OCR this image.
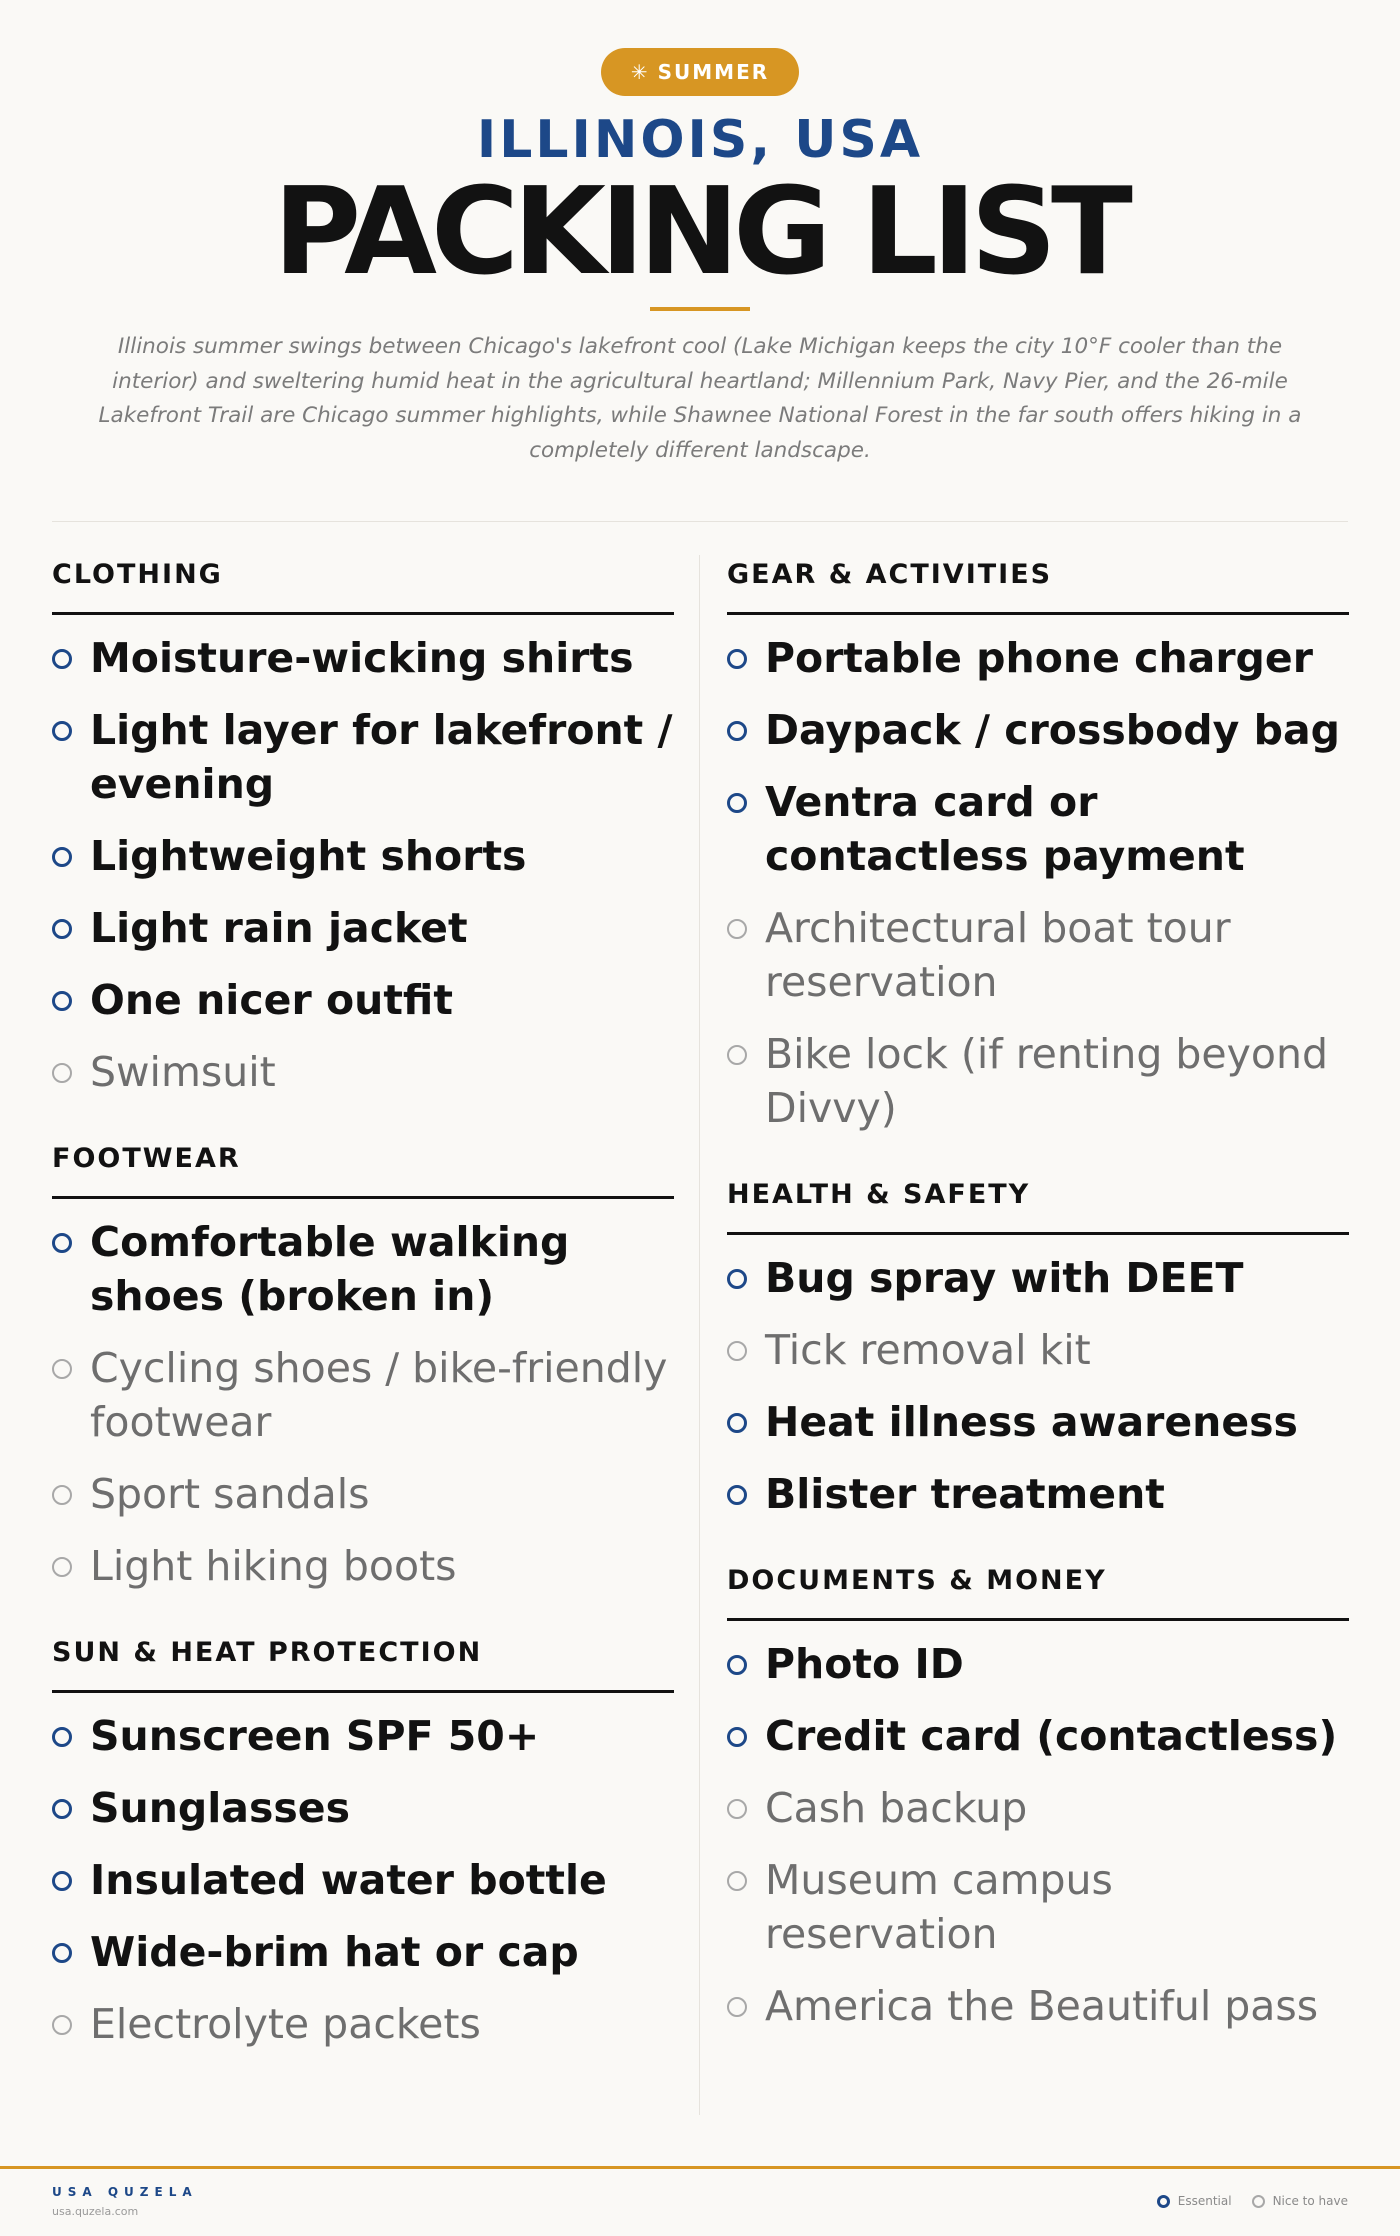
✳ SUMMER
ILLINOIS, USA
PACKING LIST
Illinois summer swings between Chicago's lakefront cool (Lake Michigan keeps the city 10°F cooler than the interior) and sweltering humid heat in the agricultural heartland; Millennium Park, Navy Pier, and the 26-mile Lakefront Trail are Chicago summer highlights, while Shawnee National Forest in the far south offers hiking in a completely different landscape.
CLOTHING
Moisture-wicking shirts
Light layer for lakefront / evening
Lightweight shorts
Light rain jacket
One nicer outfit
Swimsuit
FOOTWEAR
Comfortable walking shoes (broken in)
Cycling shoes / bike-friendly footwear
Sport sandals
Light hiking boots
SUN & HEAT PROTECTION
Sunscreen SPF 50+
Sunglasses
Insulated water bottle
Wide-brim hat or cap
Electrolyte packets
GEAR & ACTIVITIES
Portable phone charger
Daypack / crossbody bag
Ventra card or contactless payment
Architectural boat tour reservation
Bike lock (if renting beyond Divvy)
HEALTH & SAFETY
Bug spray with DEET
Tick removal kit
Heat illness awareness
Blister treatment
DOCUMENTS & MONEY
Photo ID
Credit card (contactless)
Cash backup
Museum campus reservation
America the Beautiful pass
USA QUZELA
usa.quzela.com
Essential	Nice to have
